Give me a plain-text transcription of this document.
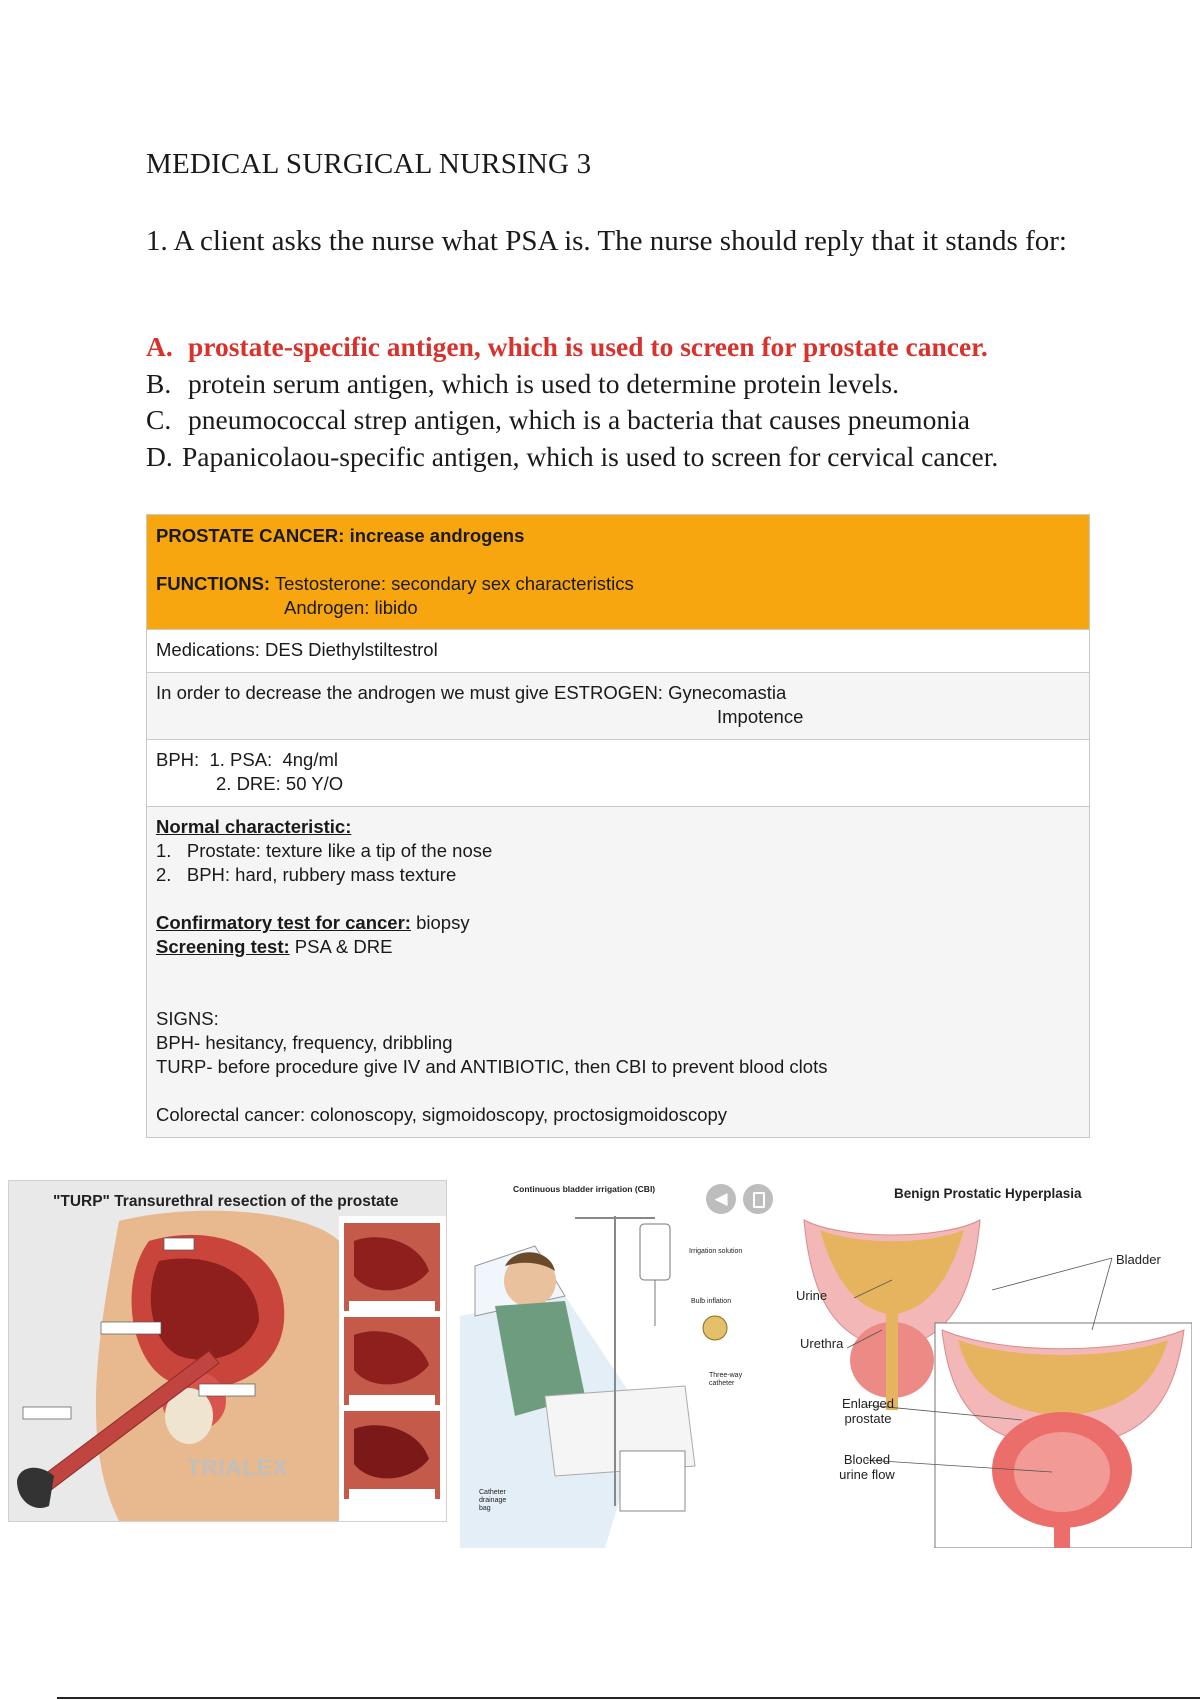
MEDICAL SURGICAL NURSING 3
1. A client asks the nurse what PSA is. The nurse should reply that it stands for:
A. prostate-specific antigen, which is used to screen for prostate cancer.
B. protein serum antigen, which is used to determine protein levels.
C. pneumococcal strep antigen, which is a bacteria that causes pneumonia
D. Papanicolaou-specific antigen, which is used to screen for cervical cancer.
PROSTATE CANCER: increase androgens
FUNCTIONS: Testosterone: secondary sex characteristics
Androgen: libido
Medications: DES Diethylstiltestrol
In order to decrease the androgen we must give ESTROGEN: Gynecomastia
Impotence
BPH:  1. PSA:  4ng/ml
2. DRE: 50 Y/O
Normal characteristic:
1.   Prostate: texture like a tip of the nose
2.   BPH: hard, rubbery mass texture
Confirmatory test for cancer: biopsy
Screening test: PSA & DRE
SIGNS:
BPH- hesitancy, frequency, dribbling
TURP- before procedure give IV and ANTIBIOTIC, then CBI to prevent blood clots
Colorectal cancer: colonoscopy, sigmoidoscopy, proctosigmoidoscopy
"TURP" Transurethral resection of the prostate
TRIALEX
Continuous bladder irrigation (CBI)	◀
Irrigation solution
Bulb inflation
Three-way catheter
Catheter drainage bag
Benign Prostatic Hyperplasia
Bladder
Urine
Urethra
Enlarged prostate
Blocked urine flow
